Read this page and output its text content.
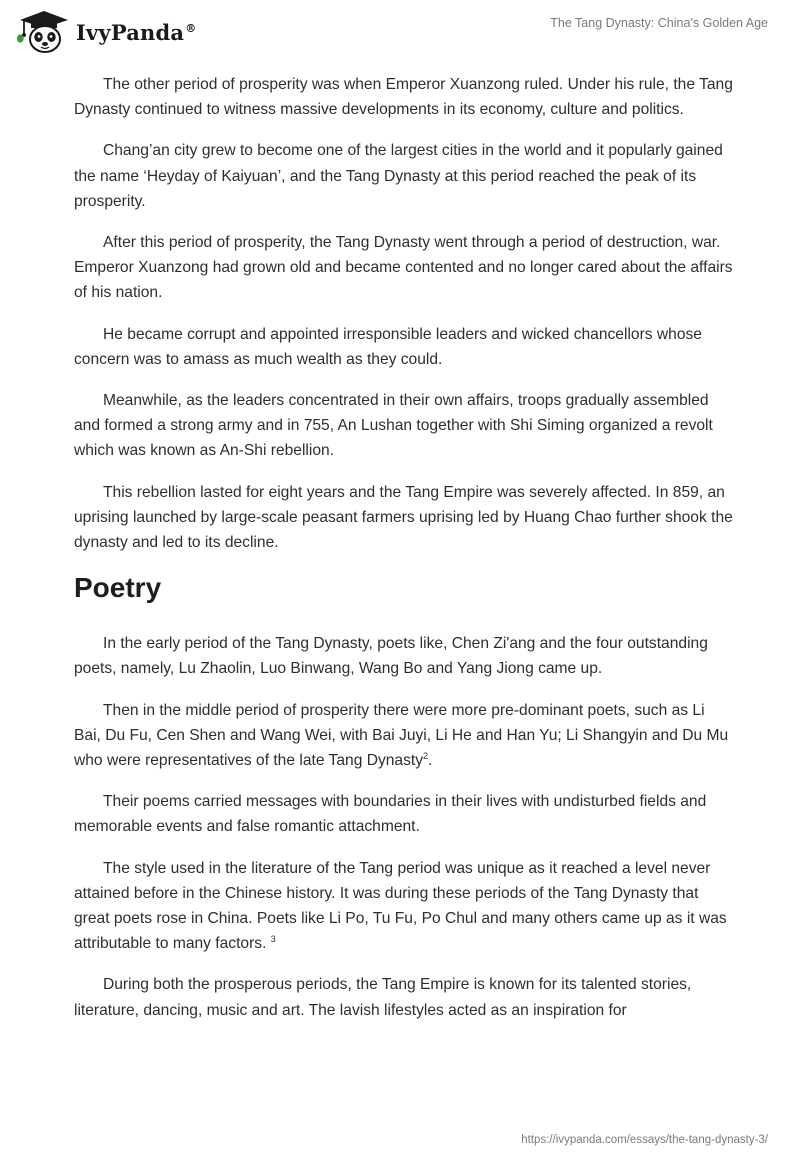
IvyPanda®	The Tang Dynasty: China’s Golden Age

The other period of prosperity was when Emperor Xuanzong ruled. Under his rule, the Tang Dynasty continued to witness massive developments in its economy, culture and politics.

Chang’an city grew to become one of the largest cities in the world and it popularly gained the name ‘Heyday of Kaiyuan’, and the Tang Dynasty at this period reached the peak of its prosperity.

After this period of prosperity, the Tang Dynasty went through a period of destruction, war. Emperor Xuanzong had grown old and became contented and no longer cared about the affairs of his nation.

He became corrupt and appointed irresponsible leaders and wicked chancellors whose concern was to amass as much wealth as they could.

Meanwhile, as the leaders concentrated in their own affairs, troops gradually assembled and formed a strong army and in 755, An Lushan together with Shi Siming organized a revolt which was known as An-Shi rebellion.

This rebellion lasted for eight years and the Tang Empire was severely affected. In 859, an uprising launched by large-scale peasant farmers uprising led by Huang Chao further shook the dynasty and led to its decline.

Poetry

In the early period of the Tang Dynasty, poets like, Chen Zi'ang and the four outstanding poets, namely, Lu Zhaolin, Luo Binwang, Wang Bo and Yang Jiong came up.

Then in the middle period of prosperity there were more pre-dominant poets, such as Li Bai, Du Fu, Cen Shen and Wang Wei, with Bai Juyi, Li He and Han Yu; Li Shangyin and Du Mu who were representatives of the late Tang Dynasty$^2$.

Their poems carried messages with boundaries in their lives with undisturbed fields and memorable events and false romantic attachment.

The style used in the literature of the Tang period was unique as it reached a level never attained before in the Chinese history. It was during these periods of the Tang Dynasty that great poets rose in China. Poets like Li Po, Tu Fu, Po Chul and many others came up as it was attributable to many factors. $^3$

During both the prosperous periods, the Tang Empire is known for its talented stories, literature, dancing, music and art. The lavish lifestyles acted as an inspiration for

https://ivypanda.com/essays/the-tang-dynasty-3/
